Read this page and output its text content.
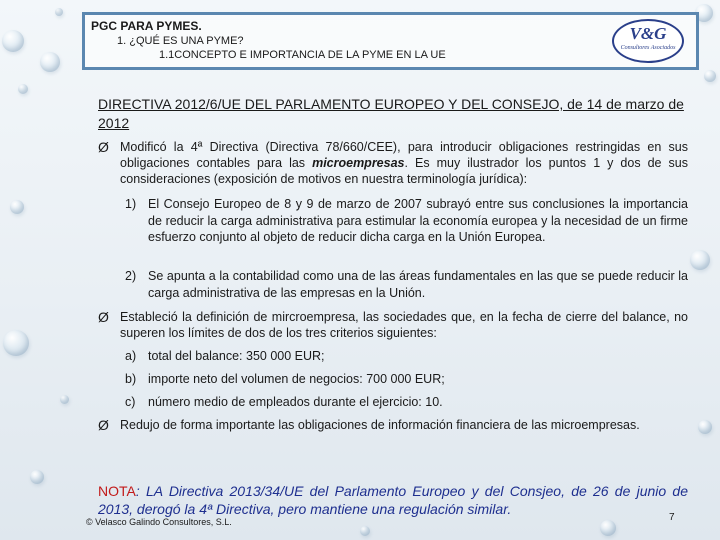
PGC PARA PYMES.
1. ¿QUÉ ES UNA PYME?
1.1CONCEPTO E IMPORTANCIA DE LA PYME EN LA UE
V&G
Consultores Asociados
DIRECTIVA 2012/6/UE DEL PARLAMENTO EUROPEO Y DEL CONSEJO, de 14 de marzo de 2012
Ø Modificó la 4ª Directiva (Directiva 78/660/CEE), para introducir obligaciones restringidas en sus obligaciones contables para las microempresas. Es muy ilustrador los puntos 1 y dos de sus consideraciones (exposición de motivos en nuestra terminología jurídica):
1) El Consejo Europeo de 8 y 9 de marzo de 2007 subrayó entre sus conclusiones la importancia de reducir la carga administrativa para estimular la economía europea y la necesidad de un firme esfuerzo conjunto al objeto de reducir dicha carga en la Unión Europea.
2) Se apunta a la contabilidad como una de las áreas fundamentales en las que se puede reducir la carga administrativa de las empresas en la Unión.
Ø Estableció la definición de mircroempresa, las sociedades que, en la fecha de cierre del balance, no superen los límites de dos de los tres criterios siguientes:
a) total del balance: 350 000 EUR;
b) importe neto del volumen de negocios: 700 000 EUR;
c)	número medio de empleados durante el ejercicio: 10.
Ø Redujo de forma importante las obligaciones de información financiera de las microempresas.
NOTA: LA Directiva 2013/34/UE del Parlamento Europeo y del Consjeo, de 26 de junio de 2013, derogó la 4ª Directiva, pero mantiene una regulación similar.
© Velasco Galindo Consultores, S.L.	7
